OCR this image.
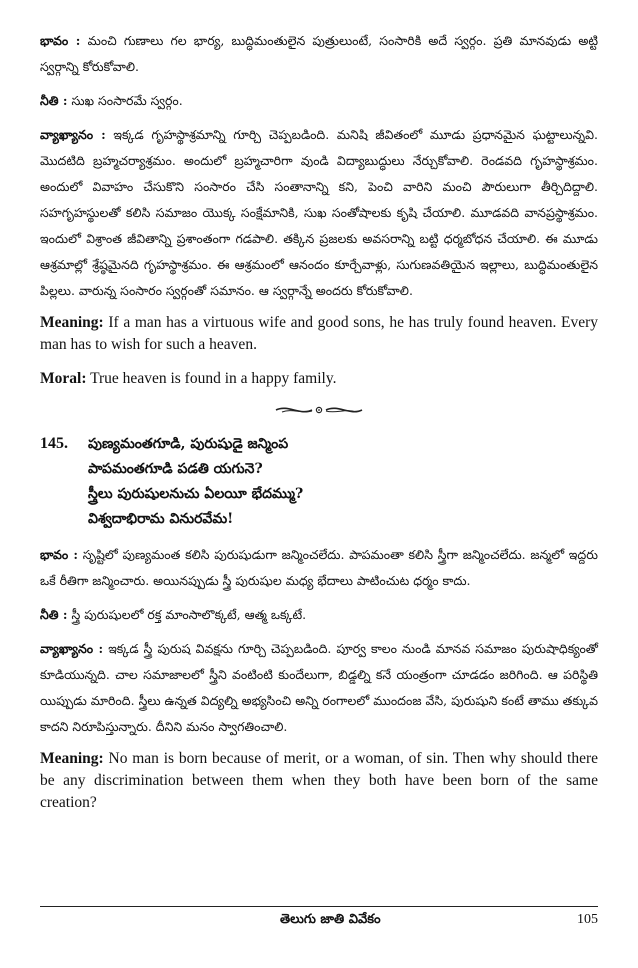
భావం : మంచి గుణాలు గల భార్య, బుద్ధిమంతులైన పుత్రులుంటే, సంసారికి అదే స్వర్గం. ప్రతి మానవుడు అట్టి స్వర్గాన్ని కోరుకోవాలి.

నీతి : సుఖ సంసారమే స్వర్గం.

వ్యాఖ్యానం : ఇక్కడ గృహస్థాశ్రమాన్ని గూర్చి చెప్పబడింది. మనిషి జీవితంలో మూడు ప్రధానమైన ఘట్టాలున్నవి. మొదటిది బ్రహ్మచర్యాశ్రమం. అందులో బ్రహ్మచారిగా వుండి విద్యాబుద్ధులు నేర్చుకోవాలి. రెండవది గృహస్థాశ్రమం. అందులో వివాహం చేసుకొని సంసారం చేసి సంతానాన్ని కని, పెంచి వారిని మంచి పౌరులుగా తీర్చిదిద్దాలి. సహగృహస్థులతో కలిసి సమాజం యొక్క సంక్షేమానికి, సుఖ సంతోషాలకు కృషి చేయాలి. మూడవది వానప్రస్థాశ్రమం. ఇందులో విశ్రాంత జీవితాన్ని ప్రశాంతంగా గడపాలి. తక్కిన ప్రజలకు అవసరాన్ని బట్టి ధర్మబోధన చేయాలి. ఈ మూడు ఆశ్రమాల్లో శ్రేష్ఠమైనది గృహస్థాశ్రమం. ఈ ఆశ్రమంలో ఆనందం కూర్చేవాళ్లు, సుగుణవతియైన ఇల్లాలు, బుద్ధిమంతులైన పిల్లలు. వారున్న సంసారం స్వర్గంతో సమానం. ఆ స్వర్గాన్నే అందరు కోరుకోవాలి.

Meaning: If a man has a virtuous wife and good sons, he has truly found heaven. Every man has to wish for such a heaven.

Moral: True heaven is found in a happy family.

145.	పుణ్యమంతగూడి, పురుషుడై జన్మింప
పాపమంతగూడి పడతి యగునె?
స్త్రీలు పురుషులనుచు ఏలయీ భేదమ్ము?
విశ్వదాభిరామ వినురవేమ!

భావం : సృష్టిలో పుణ్యమంత కలిసి పురుషుడుగా జన్మించలేదు. పాపమంతా కలిసి స్త్రీగా జన్మించలేదు. జన్మలో ఇద్దరు ఒకే రీతిగా జన్మించారు. అయినప్పుడు స్త్రీ పురుషుల మధ్య భేదాలు పాటించుట ధర్మం కాదు.

నీతి : స్త్రీ పురుషులలో రక్త మాంసాలొక్కటే, ఆత్మ ఒక్కటే.

వ్యాఖ్యానం : ఇక్కడ స్త్రీ పురుష వివక్షను గూర్చి చెప్పబడింది. పూర్వ కాలం నుండి మానవ సమాజం పురుషాధిక్యంతో కూడియున్నది. చాల సమాజాలలో స్త్రీని వంటింటి కుందేలుగా, బిడ్డల్ని కనే యంత్రంగా చూడడం జరిగింది. ఆ పరిస్థితి యిప్పుడు మారింది. స్త్రీలు ఉన్నత విద్యల్ని అభ్యసించి అన్ని రంగాలలో ముందంజ వేసి, పురుషుని కంటే తాము తక్కువ కాదని నిరూపిస్తున్నారు. దీనిని మనం స్వాగతించాలి.

Meaning: No man is born because of merit, or a woman, of sin. Then why should there be any discrimination between them when they both have been born of the same creation?

తెలుగు జాతి వివేకం	105
